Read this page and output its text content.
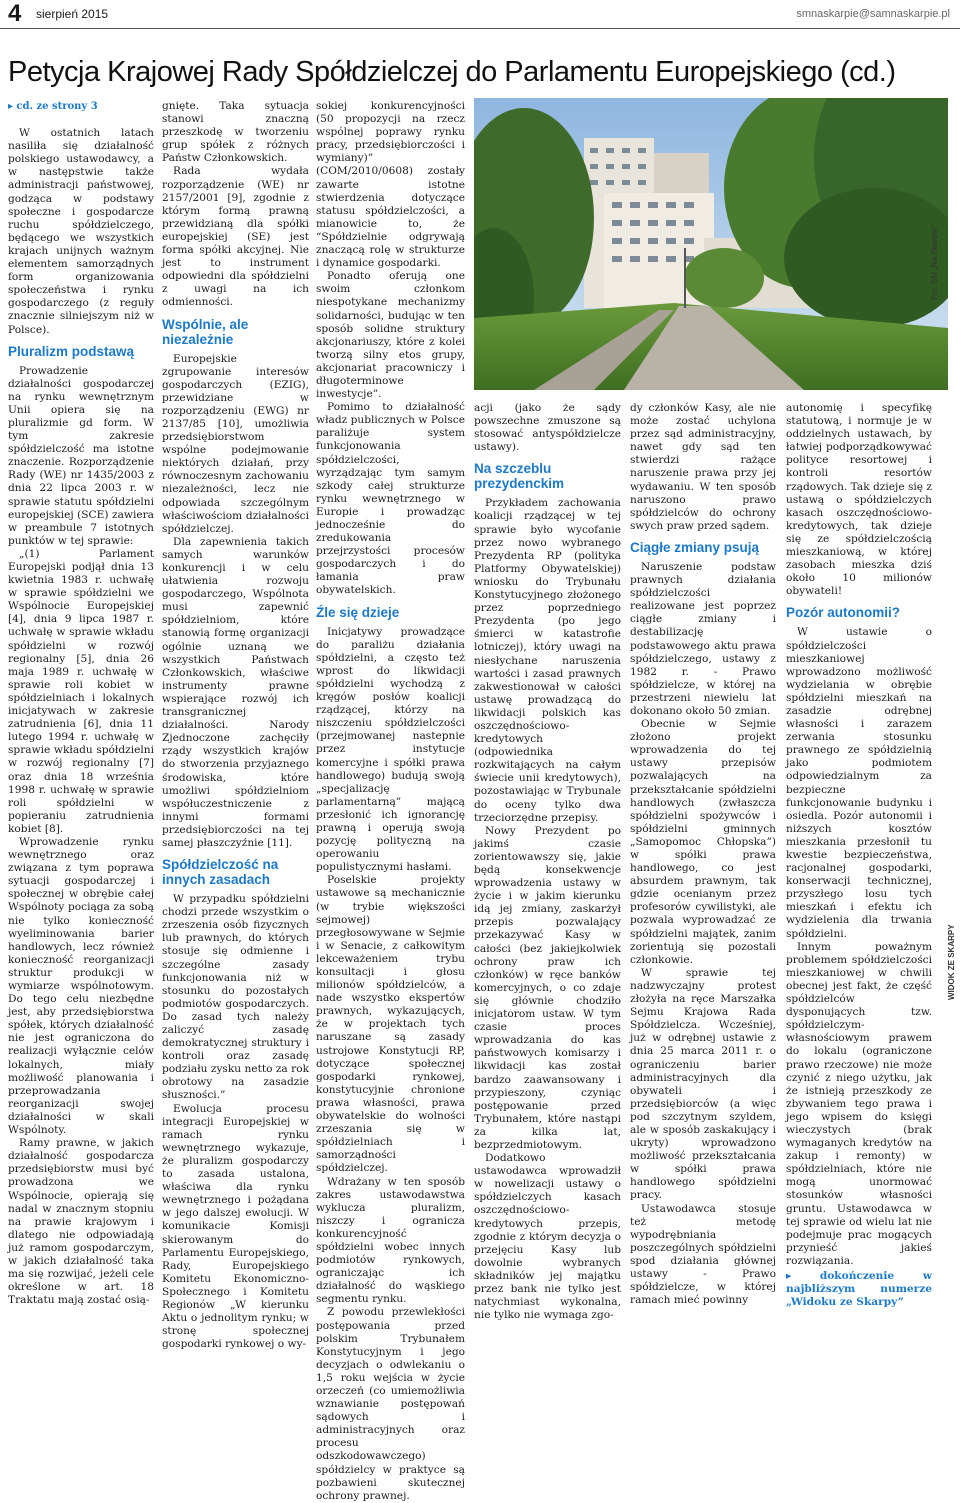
4 sierpień 2015	smnaskarpie@samnaskarpie.pl
Petycja Krajowej Rady Spółdzielczej do Parlamentu Europejskiego (cd.)

▸ cd. ze strony 3

W ostatnich latach nasiliła się działalność polskiego ustawodawcy, a w następstwie także administracji państwowej, godząca w podstawy społeczne i gospodarcze ruchu spółdzielczego, będącego we wszystkich krajach unijnych ważnym elementem samorządnych form organizowania społeczeństwa i rynku gospodarczego (z reguły znacznie silniejszym niż w Polsce).

Pluralizm podstawą

Prowadzenie działalności gospodarczej na rynku wewnętrznym Unii opiera się na pluralizmie gd form. W tym zakresie spółdzielczość ma istotne znaczenie. Rozporządzenie Rady (WE) nr 1435/2003 z dnia 22 lipca 2003 r. w sprawie statutu spółdzielni europejskiej (SCE) zawiera w preambule 7 istotnych punktów w tej sprawie:

„(1) Parlament Europejski podjął dnia 13 kwietnia 1983 r. uchwałę w sprawie spółdzielni we Wspólnocie Europejskiej [4], dnia 9 lipca 1987 r. uchwałę w sprawie wkładu spółdzielni w rozwój regionalny [5], dnia 26 maja 1989 r. uchwałę w sprawie roli kobiet w spółdzielniach i lokalnych inicjatywach w zakresie zatrudnienia [6], dnia 11 lutego 1994 r. uchwałę w sprawie wkładu spółdzielni w rozwój regionalny [7] oraz dnia 18 września 1998 r. uchwałę w sprawie roli spółdzielni w popieraniu zatrudnienia kobiet [8].

Wprowadzenie rynku wewnętrznego oraz związana z tym poprawa sytuacji gospodarczej i społecznej w obrębie całej Wspólnoty pociąga za sobą nie tylko konieczność wyeliminowania barier handlowych, lecz również konieczność reorganizacji struktur produkcji w wymiarze wspólnotowym. Do tego celu niezbędne jest, aby przedsiębiorstwa spółek, których działalność nie jest ograniczona do realizacji wyłącznie celów lokalnych, miały możliwość planowania i przeprowadzania reorganizacji swojej działalności w skali Wspólnoty.

Ramy prawne, w jakich działalność gospodarcza przedsiębiorstw musi być prowadzona we Wspólnocie, opierają się nadal w znacznym stopniu na prawie krajowym i dlatego nie odpowiadają już ramom gospodarczym, w jakich działalność taka ma się rozwijać, jeżeli cele określone w art. 18 Traktatu mają zostać osią-

gnięte. Taka sytuacja stanowi znaczną przeszkodę w tworzeniu grup spółek z różnych Państw Członkowskich.

Rada wydała rozporządzenie (WE) nr 2157/2001 [9], zgodnie z którym formą prawną przewidzianą dla spółki europejskiej (SE) jest forma spółki akcyjnej. Nie jest to instrument odpowiedni dla spółdzielni z uwagi na ich odmienności.

Wspólnie, ale niezależnie

Europejskie zgrupowanie interesów gospodarczych (EZIG), przewidziane w rozporządzeniu (EWG) nr 2137/85 [10], umożliwia przedsiębiorstwom wspólne podejmowanie niektórych działań, przy równoczesnym zachowaniu niezależności, lecz nie odpowiada szczególnym właściwościom działalności spółdzielczej.

Dla zapewnienia takich samych warunków konkurencji i w celu ułatwienia rozwoju gospodarczego, Wspólnota musi zapewnić spółdzielniom, które stanowią formę organizacji ogólnie uznaną we wszystkich Państwach Członkowskich, właściwe instrumenty prawne wspierające rozwój ich transgranicznej działalności. Narody Zjednoczone zachęciły rządy wszystkich krajów do stworzenia przyjaznego środowiska, które umożliwi spółdzielniom współuczestniczenie z innymi formami przedsiębiorczości na tej samej płaszczyźnie [11].

Spółdzielczość na innych zasadach

W przypadku spółdzielni chodzi przede wszystkim o zrzeszenia osób fizycznych lub prawnych, do których stosuje się odmienne i szczególne zasady funkcjonowania niż w stosunku do pozostałych podmiotów gospodarczych. Do zasad tych należy zaliczyć zasadę demokratycznej struktury i kontroli oraz zasadę podziału zysku netto za rok obrotowy na zasadzie słuszności.”

Ewolucja procesu integracji Europejskiej w ramach rynku wewnętrznego wykazuje, że pluralizm gospodarczy to zasada ustalona, właściwa dla rynku wewnętrznego i pożądana w jego dalszej ewolucji. W komunikacie Komisji skierowanym do Parlamentu Europejskiego, Rady, Europejskiego Komitetu Ekonomiczno-Społecznego i Komitetu Regionów „W kierunku Aktu o jednolitym rynku; w stronę społecznej gospodarki rynkowej o wy-

sokiej konkurencyjności (50 propozycji na rzecz wspólnej poprawy rynku pracy, przedsiębiorczości i wymiany)” (COM/2010/0608) zostały zawarte istotne stwierdzenia dotyczące statusu spółdzielczości, a mianowicie to, że “Spółdzielnie odgrywają znaczącą rolę w strukturze i dynamice gospodarki.

Ponadto oferują one swoim członkom niespotykane mechanizmy solidarności, budując w ten sposób solidne struktury akcjonariuszy, które z kolei tworzą silny etos grupy, akcjonariat pracowniczy i długoterminowe inwestycje”.

Pomimo to działalność władz publicznych w Polsce paraliżuje system funkcjonowania spółdzielczości, wyrządzając tym samym szkody całej strukturze rynku wewnętrznego w Europie i prowadząc jednocześnie do zredukowania przejrzystości procesów gospodarczych i do łamania praw obywatelskich.

Źle się dzieje

Inicjatywy prowadzące do paraliżu działania spółdzielni, a często też wprost do likwidacji spółdzielni wychodzą z kręgów posłów koalicji rządzącej, którzy na niszczeniu spółdzielczości (przejmowanej nastepnie przez instytucje komercyjne i spółki prawa handlowego) budują swoją „specjalizację parlamentarną” mającą przesłonić ich ignorancję prawną i operują swoją pozycję polityczną na operowaniu populistycznymi hasłami.

Poselskie projekty ustawowe są mechanicznie (w trybie większości sejmowej) przegłosowywane w Sejmie i w Senacie, z całkowitym lekceważeniem trybu konsultacji i głosu milionów spółdzielców, a nade wszystko ekspertów prawnych, wykazujących, że w projektach tych naruszane są zasady ustrojowe Konstytucji RP, dotyczące społecznej gospodarki rynkowej, konstytucyjnie chronione prawa własności, prawa obywatelskie do wolności zrzeszania się w spółdzielniach i samorządności spółdzielczej.

Wdrażany w ten sposób zakres ustawodawstwa wyklucza pluralizm, niszczy i ogranicza konkurencyjność spółdzielni wobec innych podmiotów rynkowych, ograniczając ich działalność do wąskiego segmentu rynku.

Z powodu przewlekłości postępowania przed polskim Trybunałem Konstytucyjnym i jego decyzjach o odwlekaniu o 1,5 roku wejścia w życie orzeczeń (co umiemożliwia wznawianie postępowań sądowych i administracyjnych oraz procesu odszkodowawczego) spółdzielcy w praktyce są pozbawieni skutecznej ochrony prawnej.

Fot. SM „Na Skarpie”

acji (jako że sądy powszechne zmuszone są stosować antyspółdzielcze ustawy).

Na szczeblu prezydenckim

Przykładem zachowania koalicji rządzącej w tej sprawie było wycofanie przez nowo wybranego Prezydenta RP (polityka Platformy Obywatelskiej) wniosku do Trybunału Konstytucyjnego złożonego przez poprzedniego Prezydenta (po jego śmierci w katastrofie lotniczej), który uwagi na niesłychane naruszenia wartości i zasad prawnych zakwestionował w całości ustawę prowadzącą do likwidacji polskich kas oszczędnościowo-kredytowych (odpowiednika rozkwitających na całym świecie unii kredytowych), pozostawiając w Trybunale do oceny tylko dwa trzeciorzędne przepisy.

Nowy Prezydent po jakimś czasie zorientowawszy się, jakie będą konsekwencje wprowadzenia ustawy w życie i w jakim kierunku idą jej zmiany, zaskarżył przepis pozwalający przekazywać Kasy w całości (bez jakiejkolwiek ochrony praw ich członków) w ręce banków komercyjnych, o co zdaje się głównie chodziło inicjatorom ustaw. W tym czasie proces wprowadzania do kas państwowych komisarzy i likwidacji kas został bardzo zaawansowany i przypieszony, czyniąc postępowanie przed Trybunałem, które nastąpi za kilka lat, bezprzedmiotowym.

Dodatkowo ustawodawca wprowadził w nowelizacji ustawy o spółdzielczych kasach oszczędnościowo-kredytowych przepis, zgodnie z którym decyzja o przejęciu Kasy lub dowolnie wybranych składników jej majątku przez bank nie tylko jest natychmiast wykonalna, nie tylko nie wymaga zgo-

dy członków Kasy, ale nie może zostać uchylona przez sąd administracyjny, nawet gdy sąd ten stwierdzi rażące naruszenie prawa przy jej wydawaniu. W ten sposób naruszono prawo spółdzielców do ochrony swych praw przed sądem.

Ciągłe zmiany psują

Naruszenie podstaw prawnych działania spółdzielczości realizowane jest poprzez ciągłe zmiany i destabilizację podstawowego aktu prawa spółdzielczego, ustawy z 1982 r. - Prawo spółdzielcze, w której na przestrzeni niewielu lat dokonano około 50 zmian.

Obecnie w Sejmie złożono projekt wprowadzenia do tej ustawy przepisów pozwalających na przekształcanie spółdzielni handlowych (zwłaszcza spółdzielni spożywców i spółdzielni gminnych „Samopomoc Chłopska”) w spółki prawa handlowego, co jest absurdem prawnym, tak gdzie ocenianym przez profesorów cywilistyki, ale pozwala wyprowadzać ze spółdzielni majątek, zanim zorientują się pozostali członkowie.

W sprawie tej nadzwyczajny protest złożyła na ręce Marszałka Sejmu Krajowa Rada Spółdzielcza. Wcześniej, już w odrębnej ustawie z dnia 25 marca 2011 r. o ograniczeniu barier administracyjnych dla obywateli i przedsiębiorców (a więc pod szczytnym szyldem, ale w sposób zaskakujący i ukryty) wprowadzono możliwość przekształcania w spółki prawa handlowego spółdzielni pracy.

Ustawodawca stosuje też metodę wypodrębniania poszczególnych spółdzielni spod działania głównej ustawy - Prawo spółdzielcze, w której ramach mieć powinny

autonomię i specyfikę statutową, i normuje je w oddzielnych ustawach, by łatwiej podporządkowywać polityce resortowej i kontroli resortów rządowych. Tak dzieje się z ustawą o spółdzielczych kasach oszczędnościowo-kredytowych, tak dzieje się ze spółdzielczością mieszkaniową, w której zasobach mieszka dziś około 10 milionów obywateli!

Pozór autonomii?

W ustawie o spółdzielczości mieszkaniowej wprowadzono możliwość wydzielania w obrębie spółdzielni mieszkań na zasadzie odrębnej własności i zarazem zerwania stosunku prawnego ze spółdzielnią jako podmiotem odpowiedzialnym za bezpieczne funkcjonowanie budynku i osiedla. Pozór autonomii i niższych kosztów mieszkania przesłonił tu kwestie bezpieczeństwa, racjonalnej gospodarki, konserwacji technicznej, przyszłego losu tych mieszkań i efektu ich wydzielenia dla trwania spółdzielni.

Innym poważnym problemem spółdzielczości mieszkaniowej w chwili obecnej jest fakt, że część spółdzielców dysponujących tzw. spółdzielczym-własnościowym prawem do lokalu (ograniczone prawo rzeczowe) nie może czynić z niego użytku, jak że istnieją przeszkody ze zbywaniem tego prawa i jego wpisem do księgi wieczystych (brak wymaganych kredytów na zakup i remonty) w spółdzielniach, które nie mogą unormować stosunków własności gruntu. Ustawodawca w tej sprawie od wielu lat nie podejmuje prac mogących przynieść jakieś rozwiązania.

▸	dokończenie w najbliższym numerze „Widoku ze Skarpy”

WIDOK ZE SKARPY
